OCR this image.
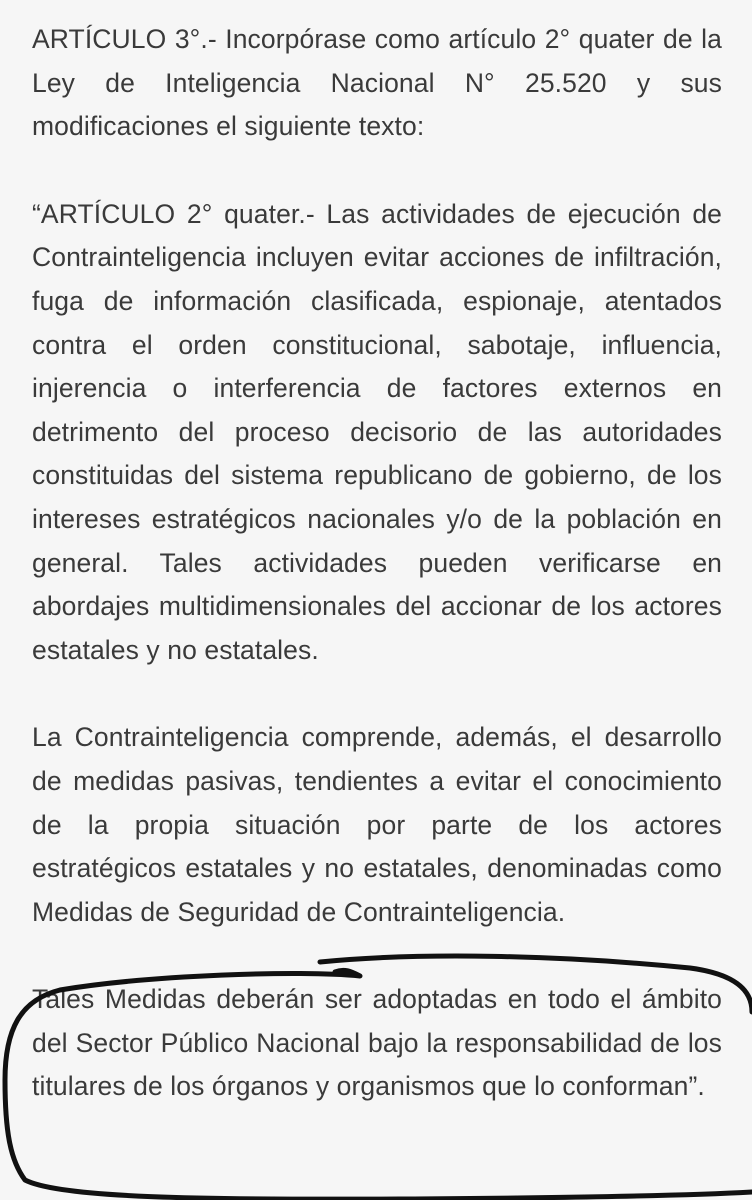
ARTÍCULO 3°.- Incorpórase como artículo 2° quater de la Ley de Inteligencia Nacional N° 25.520 y sus modificaciones el siguiente texto:

“ARTÍCULO 2° quater.- Las actividades de ejecución de Contrainteligencia incluyen evitar acciones de infiltración, fuga de información clasificada, espionaje, atentados contra el orden constitucional, sabotaje, influencia, injerencia o interferencia de factores externos en detrimento del proceso decisorio de las autoridades constituidas del sistema republicano de gobierno, de los intereses estratégicos nacionales y/o de la población en general. Tales actividades pueden verificarse en abordajes multidimensionales del accionar de los actores estatales y no estatales.

La Contrainteligencia comprende, además, el desarrollo de medidas pasivas, tendientes a evitar el conocimiento de la propia situación por parte de los actores estratégicos estatales y no estatales, denominadas como Medidas de Seguridad de Contrainteligencia.

Tales Medidas deberán ser adoptadas en todo el ámbito del Sector Público Nacional bajo la responsabilidad de los titulares de los órganos y organismos que lo conforman”.
